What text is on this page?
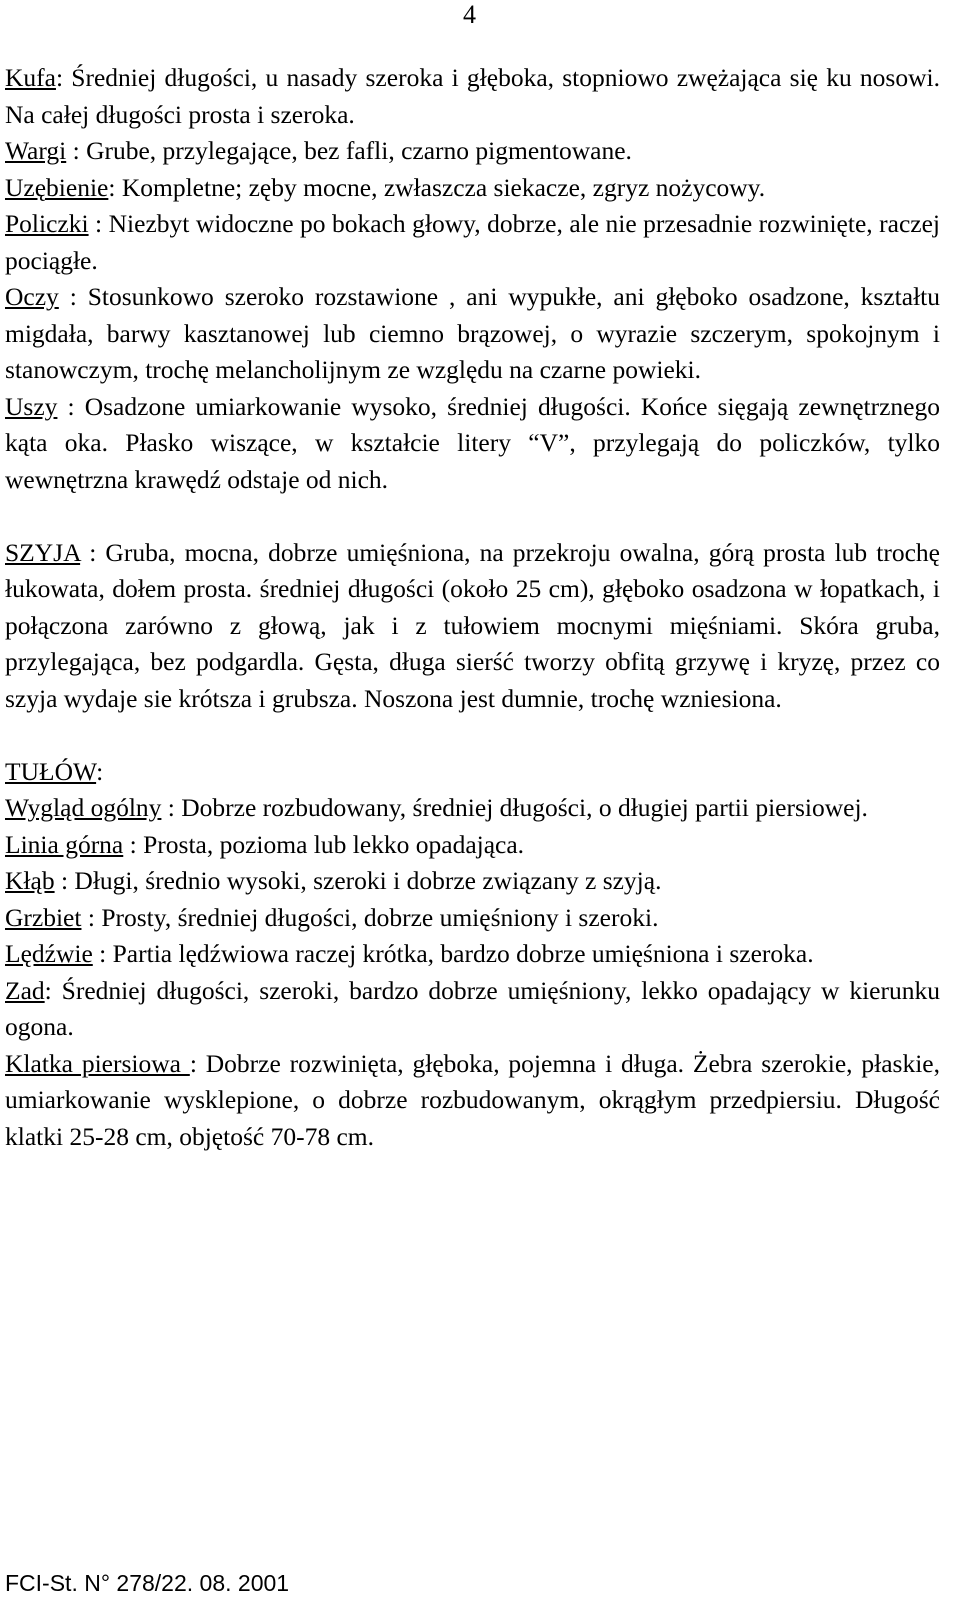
4

Kufa: Średniej długości, u nasady szeroka i głęboka, stopniowo zwężająca się ku nosowi. Na całej długości prosta i szeroka.

Wargi : Grube, przylegające, bez fafli, czarno pigmentowane.

Uzębienie: Kompletne; zęby mocne, zwłaszcza siekacze, zgryz nożycowy.

Policzki : Niezbyt widoczne po bokach głowy, dobrze, ale nie przesadnie rozwinięte, raczej pociągłe.

Oczy : Stosunkowo szeroko rozstawione , ani wypukłe, ani głęboko osadzone, kształtu migdała, barwy kasztanowej lub ciemno brązowej, o wyrazie szczerym, spokojnym i stanowczym, trochę melancholijnym ze względu na czarne powieki.

Uszy : Osadzone umiarkowanie wysoko, średniej długości. Końce sięgają zewnętrznego kąta oka. Płasko wiszące, w kształcie litery “V”, przylegają do policzków, tylko wewnętrzna krawędź odstaje od nich.

SZYJA : Gruba, mocna, dobrze umięśniona, na przekroju owalna, górą prosta lub trochę łukowata, dołem prosta. średniej długości (około 25 cm), głęboko osadzona w łopatkach, i połączona zarówno z głową, jak i z tułowiem mocnymi mięśniami. Skóra gruba, przylegająca, bez podgardla. Gęsta, długa sierść tworzy obfitą grzywę i kryzę, przez co szyja wydaje sie krótsza i grubsza. Noszona jest dumnie, trochę wzniesiona.

TUŁÓW:

Wygląd ogólny : Dobrze rozbudowany, średniej długości, o długiej partii piersiowej.

Linia górna : Prosta, pozioma lub lekko opadająca.

Kłąb : Długi, średnio wysoki, szeroki i dobrze związany z szyją.

Grzbiet : Prosty, średniej długości, dobrze umięśniony i szeroki.

Lędźwie : Partia lędźwiowa raczej krótka, bardzo dobrze umięśniona i szeroka.

Zad: Średniej długości, szeroki, bardzo dobrze umięśniony, lekko opadający w kierunku ogona.

Klatka piersiowa : Dobrze rozwinięta, głęboka, pojemna i długa. Żebra szerokie, płaskie, umiarkowanie wysklepione, o dobrze rozbudowanym, okrągłym przedpiersiu. Długość klatki 25-28 cm, objętość 70-78 cm.

FCI-St. N° 278/22. 08. 2001
